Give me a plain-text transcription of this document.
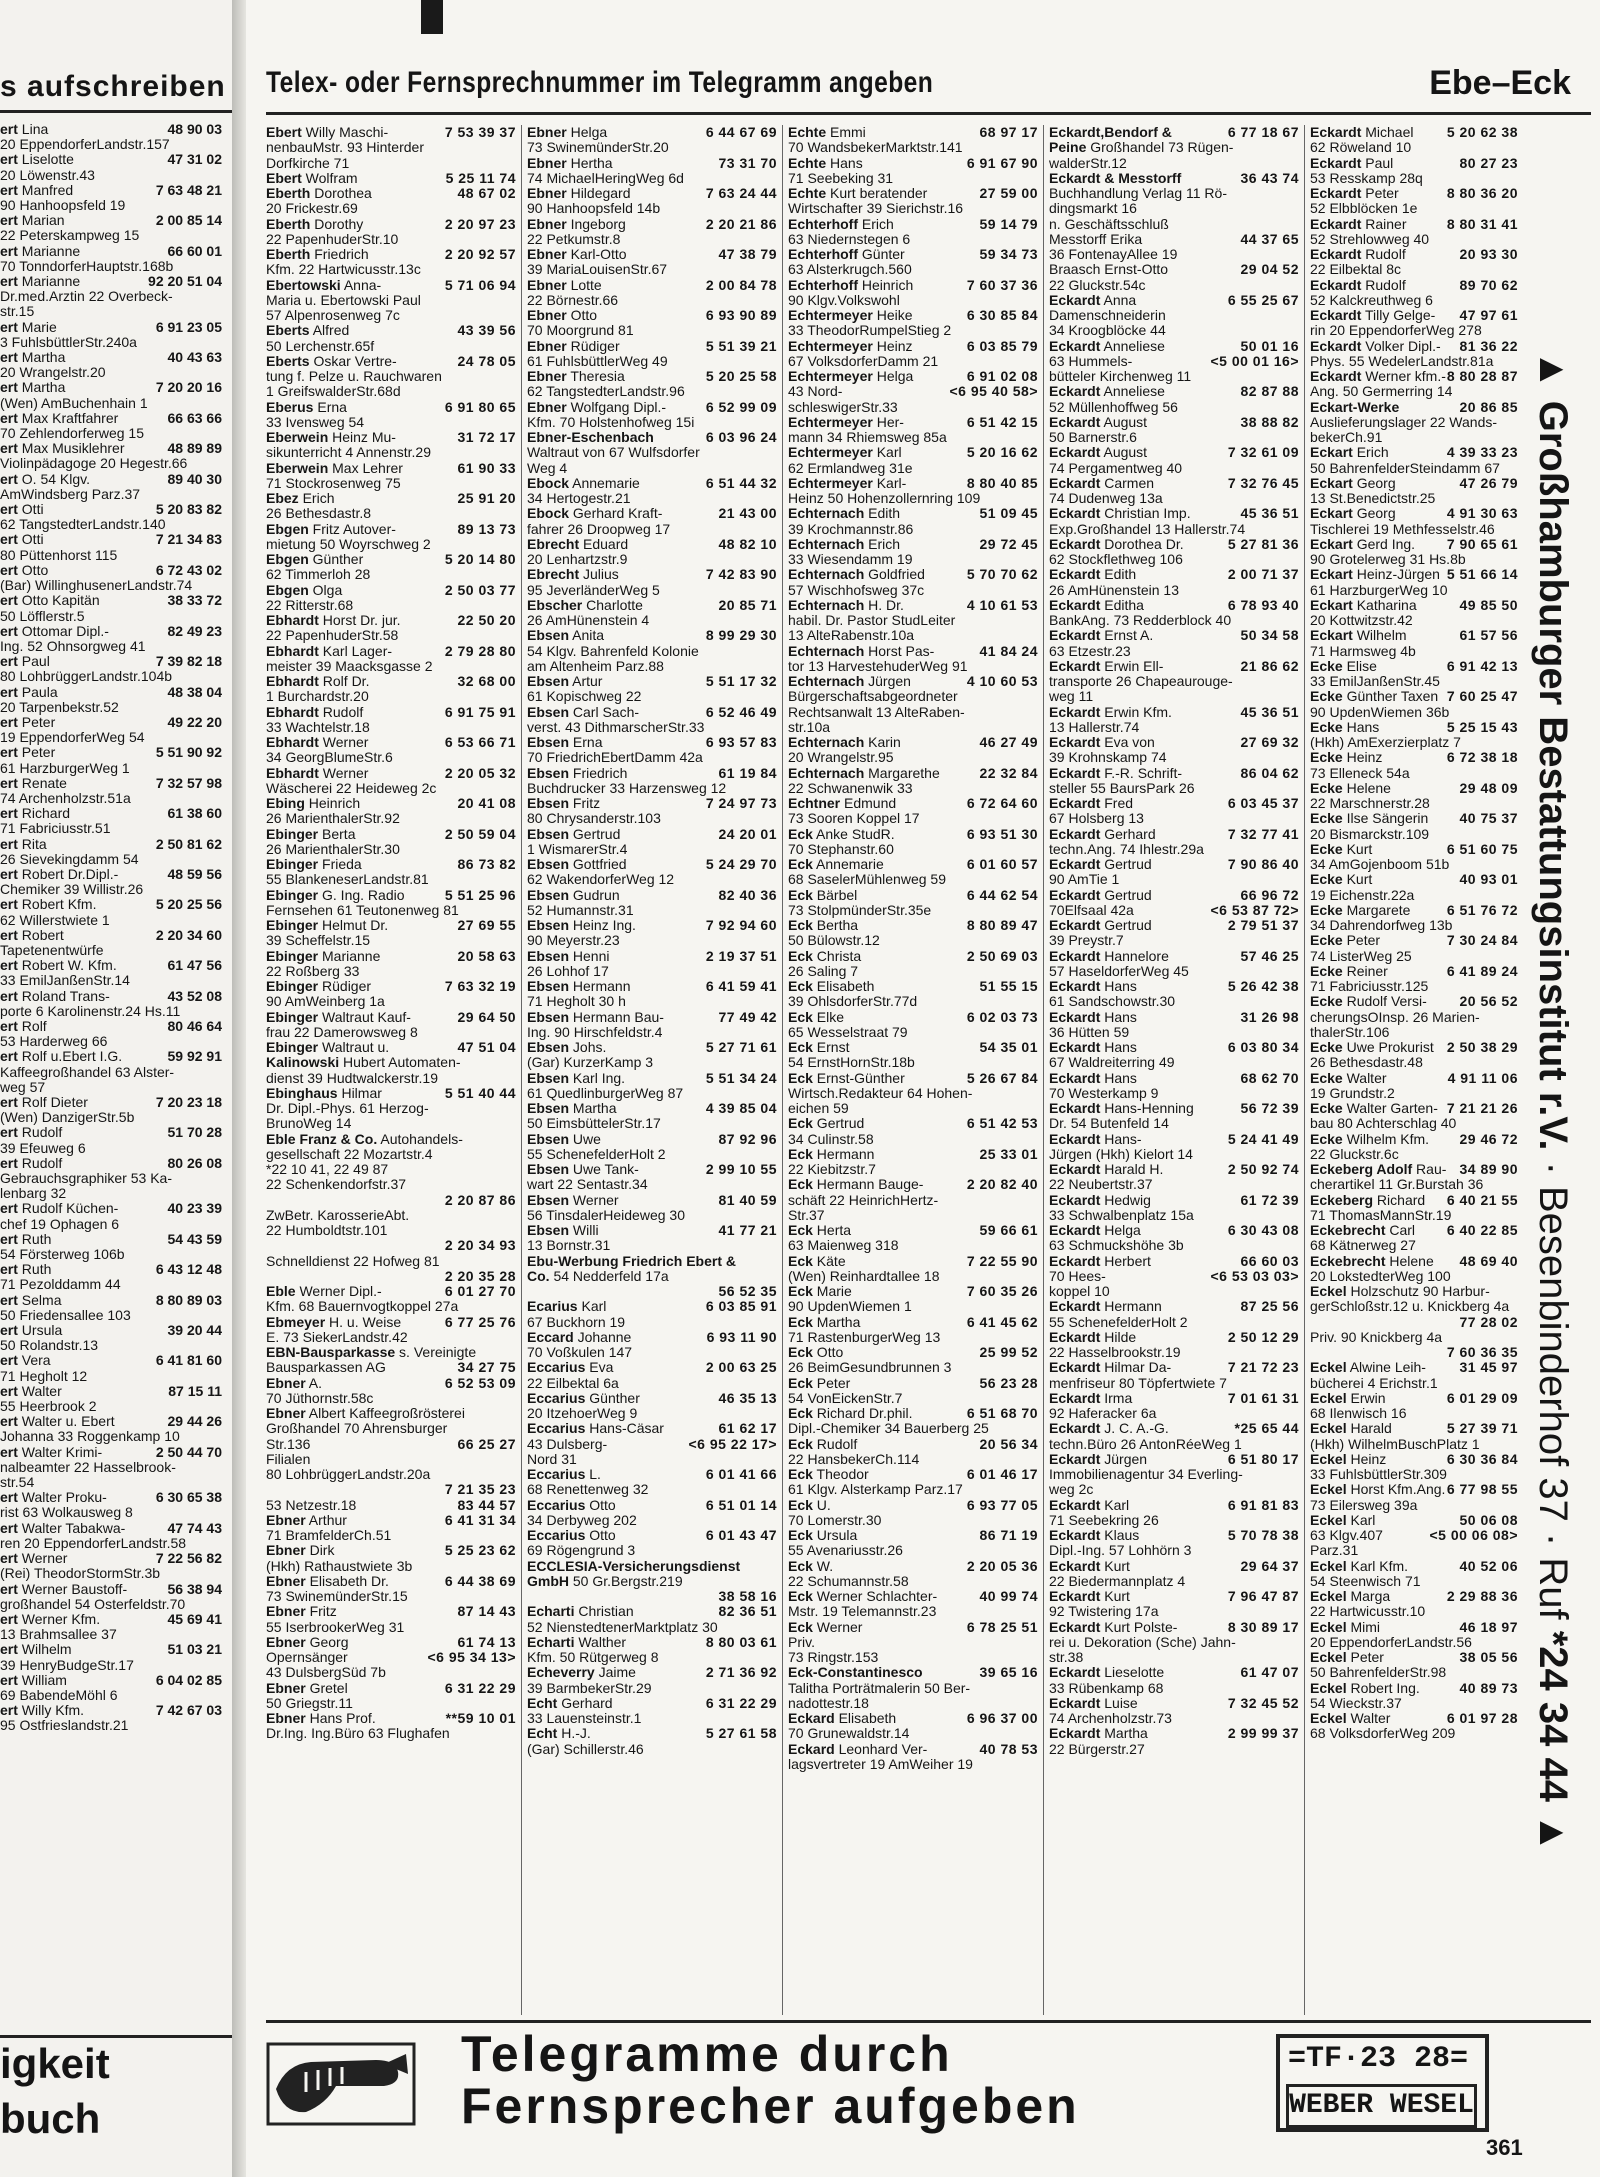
s aufschreiben
48 90 03
ert Lina
20 EppendorferLandstr.157
47 31 02
ert Liselotte
20 Löwenstr.43
7 63 48 21
ert Manfred
90 Hanhoopsfeld 19
2 00 85 14
ert Marian
22 Peterskampweg 15
66 60 01
ert Marianne
70 TonndorferHauptstr.168b
92 20 51 04
ert Marianne
Dr.med.Arztin 22 Overbeck-
str.15
6 91 23 05
ert Marie
3 FuhlsbüttlerStr.240a
40 43 63
ert Martha
20 Wrangelstr.20
7 20 20 16
ert Martha
(Wen) AmBuchenhain 1
66 63 66
ert Max Kraftfahrer
70 Zehlendorferweg 15
48 89 89
ert Max Musiklehrer
Violinpädagoge 20 Hegestr.66
89 40 30
ert O. 54 Klgv.
AmWindsberg Parz.37
5 20 83 82
ert Otti
62 TangstedterLandstr.140
7 21 34 83
ert Otti
80 Püttenhorst 115
6 72 43 02
ert Otto
(Bar) WillinghusenerLandstr.74
38 33 72
ert Otto Kapitän
50 Löfflerstr.5
82 49 23
ert Ottomar Dipl.-
Ing. 52 Ohnsorgweg 41
7 39 82 18
ert Paul
80 LohbrüggerLandstr.104b
48 38 04
ert Paula
20 Tarpenbekstr.52
49 22 20
ert Peter
19 EppendorferWeg 54
5 51 90 92
ert Peter
61 HarzburgerWeg 1
7 32 57 98
ert Renate
74 Archenholzstr.51a
61 38 60
ert Richard
71 Fabriciusstr.51
2 50 81 62
ert Rita
26 Sievekingdamm 54
48 59 56
ert Robert Dr.Dipl.-
Chemiker 39 Willistr.26
5 20 25 56
ert Robert Kfm.
62 Willerstwiete 1
2 20 34 60
ert Robert
Tapetenentwürfe
61 47 56
ert Robert W. Kfm.
33 EmilJanßenStr.14
43 52 08
ert Roland Trans-
porte 6 Karolinenstr.24 Hs.11
80 46 64
ert Rolf
53 Harderweg 66
59 92 91
ert Rolf u.Ebert I.G.
Kaffeegroßhandel 63 Alster-
weg 57
7 20 23 18
ert Rolf Dieter
(Wen) DanzigerStr.5b
51 70 28
ert Rudolf
39 Efeuweg 6
80 26 08
ert Rudolf
Gebrauchsgraphiker 53 Ka-
lenbarg 32
40 23 39
ert Rudolf Küchen-
chef 19 Ophagen 6
54 43 59
ert Ruth
54 Försterweg 106b
6 43 12 48
ert Ruth
71 Pezolddamm 44
8 80 89 03
ert Selma
50 Friedensallee 103
39 20 44
ert Ursula
50 Rolandstr.13
6 41 81 60
ert Vera
71 Hegholt 12
87 15 11
ert Walter
55 Heerbrook 2
29 44 26
ert Walter u. Ebert
Johanna 33 Roggenkamp 10
2 50 44 70
ert Walter Krimi-
nalbeamter 22 Hasselbrook-
str.54
6 30 65 38
ert Walter Proku-
rist 63 Wolkausweg 8
47 74 43
ert Walter Tabakwa-
ren 20 EppendorferLandstr.58
7 22 56 82
ert Werner
(Rei) TheodorStormStr.3b
56 38 94
ert Werner Baustoff-
großhandel 54 Osterfeldstr.70
45 69 41
ert Werner Kfm.
13 Brahmsallee 37
51 03 21
ert Wilhelm
39 HenryBudgeStr.17
6 04 02 85
ert William
69 BabendeMöhl 6
7 42 67 03
ert Willy Kfm.
95 Ostfrieslandstr.21
igkeit
buch
Telex- oder Fernsprechnummer im Telegramm angeben	Ebe–Eck
7 53 39 37
Ebert Willy Maschi-
nenbauMstr. 93 Hinterder
Dorfkirche 71
5 25 11 74
Ebert Wolfram
48 67 02
Eberth Dorothea
20 Frickestr.69
2 20 97 23
Eberth Dorothy
22 PapenhuderStr.10
2 20 92 57
Eberth Friedrich
Kfm. 22 Hartwicusstr.13c
5 71 06 94
Ebertowski Anna-
Maria u. Ebertowski Paul
57 Alpenrosenweg 7c
43 39 56
Eberts Alfred
50 Lerchenstr.65f
24 78 05
Eberts Oskar Vertre-
tung f. Pelze u. Rauchwaren
1 GreifswalderStr.68d
6 91 80 65
Eberus Erna
33 Ivensweg 54
31 72 17
Eberwein Heinz Mu-
sikunterricht 4 Annenstr.29
61 90 33
Eberwein Max Lehrer
71 Stockrosenweg 75
25 91 20
Ebez Erich
26 Bethesdastr.8
89 13 73
Ebgen Fritz Autover-
mietung 50 Woyrschweg 2
5 20 14 80
Ebgen Günther
62 Timmerloh 28
2 50 03 77
Ebgen Olga
22 Ritterstr.68
22 50 20
Ebhardt Horst Dr. jur.
22 PapenhuderStr.58
2 79 28 80
Ebhardt Karl Lager-
meister 39 Maacksgasse 2
32 68 00
Ebhardt Rolf Dr.
1 Burchardstr.20
6 91 75 91
Ebhardt Rudolf
33 Wachtelstr.18
6 53 66 71
Ebhardt Werner
34 GeorgBlumeStr.6
2 20 05 32
Ebhardt Werner
Wäscherei 22 Heideweg 2c
20 41 08
Ebing Heinrich
26 MarienthalerStr.92
2 50 59 04
Ebinger Berta
26 MarienthalerStr.30
86 73 82
Ebinger Frieda
55 BlankeneserLandstr.81
5 51 25 96
Ebinger G. Ing. Radio
Fernsehen 61 Teutonenweg 81
27 69 55
Ebinger Helmut Dr.
39 Scheffelstr.15
20 58 63
Ebinger Marianne
22 Roßberg 33
7 63 32 19
Ebinger Rüdiger
90 AmWeinberg 1a
29 64 50
Ebinger Waltraut Kauf-
frau 22 Damerowsweg 8
47 51 04
Ebinger Waltraut u.
Kalinowski Hubert Automaten-
dienst 39 Hudtwalckerstr.19
5 51 40 44
Ebinghaus Hilmar
Dr. Dipl.-Phys. 61 Herzog-
BrunoWeg 14
Eble Franz & Co. Autohandels-
gesellschaft 22 Mozartstr.4
*22 10 41, 22 49 87
22 Schenkendorfstr.37
2 20 87 86
ZwBetr. KarosserieAbt.
22 Humboldtstr.101
2 20 34 93
Schnelldienst 22 Hofweg 81
2 20 35 28
6 01 27 70
Eble Werner Dipl.-
Kfm. 68 Bauernvogtkoppel 27a
6 77 25 76
Ebmeyer H. u. Weise
E. 73 SiekerLandstr.42
EBN-Bausparkasse s. Vereinigte
34 27 75
Bausparkassen AG
6 52 53 09
Ebner A.
70 Jüthornstr.58c
Ebner Albert Kaffeegroßrösterei
Großhandel 70 Ahrensburger
66 25 27
Str.136
Filialen
80 LohbrüggerLandstr.20a
7 21 35 23
83 44 57
53 Netzestr.18
6 41 31 34
Ebner Arthur
71 BramfelderCh.51
5 25 23 62
Ebner Dirk
(Hkh) Rathaustwiete 3b
6 44 38 69
Ebner Elisabeth Dr.
73 SwinemünderStr.15
87 14 43
Ebner Fritz
55 IserbrookerWeg 31
61 74 13
Ebner Georg
<6 95 34 13>
Opernsänger
43 DulsbergSüd 7b
6 31 22 29
Ebner Gretel
50 Griegstr.11
**59 10 01
Ebner Hans Prof.
Dr.Ing. Ing.Büro 63 Flughafen
6 44 67 69
Ebner Helga
73 SwinemünderStr.20
73 31 70
Ebner Hertha
74 MichaelHeringWeg 6d
7 63 24 44
Ebner Hildegard
90 Hanhoopsfeld 14b
2 20 21 86
Ebner Ingeborg
22 Petkumstr.8
47 38 79
Ebner Karl-Otto
39 MariaLouisenStr.67
2 00 84 78
Ebner Lotte
22 Börnestr.66
6 93 90 89
Ebner Otto
70 Moorgrund 81
5 51 39 21
Ebner Rüdiger
61 FuhlsbüttlerWeg 49
5 20 25 58
Ebner Theresia
62 TangstedterLandstr.96
6 52 99 09
Ebner Wolfgang Dipl.-
Kfm. 70 Holstenhofweg 15i
6 03 96 24
Ebner-Eschenbach
Waltraut von 67 Wulfsdorfer
Weg 4
6 51 44 32
Ebock Annemarie
34 Hertogestr.21
21 43 00
Ebock Gerhard Kraft-
fahrer 26 Droopweg 17
48 82 10
Ebrecht Eduard
20 Lenhartzstr.9
7 42 83 90
Ebrecht Julius
95 JeverländerWeg 5
20 85 71
Ebscher Charlotte
26 AmHünenstein 4
8 99 29 30
Ebsen Anita
54 Klgv. Bahrenfeld Kolonie
am Altenheim Parz.88
5 51 17 32
Ebsen Artur
61 Kopischweg 22
6 52 46 49
Ebsen Carl Sach-
verst. 43 DithmarscherStr.33
6 93 57 83
Ebsen Erna
70 FriedrichEbertDamm 42a
61 19 84
Ebsen Friedrich
Buchdrucker 33 Harzensweg 12
7 24 97 73
Ebsen Fritz
80 Chrysanderstr.103
24 20 01
Ebsen Gertrud
1 WismarerStr.4
5 24 29 70
Ebsen Gottfried
62 WakendorferWeg 12
82 40 36
Ebsen Gudrun
52 Humannstr.31
7 92 94 60
Ebsen Heinz Ing.
90 Meyerstr.23
2 19 37 51
Ebsen Henni
26 Lohhof 17
6 41 59 41
Ebsen Hermann
71 Hegholt 30 h
77 49 42
Ebsen Hermann Bau-
Ing. 90 Hirschfeldstr.4
5 27 71 61
Ebsen Johs.
(Gar) KurzerKamp 3
5 51 34 24
Ebsen Karl Ing.
61 QuedlinburgerWeg 87
4 39 85 04
Ebsen Martha
50 EimsbüttelerStr.17
87 92 96
Ebsen Uwe
55 SchenefelderHolt 2
2 99 10 55
Ebsen Uwe Tank-
wart 22 Sentastr.34
81 40 59
Ebsen Werner
56 TinsdalerHeideweg 30
41 77 21
Ebsen Willi
13 Bornstr.31
Ebu-Werbung Friedrich Ebert &
Co. 54 Nedderfeld 17a
56 52 35
6 03 85 91
Ecarius Karl
67 Buckhorn 19
6 93 11 90
Eccard Johanne
70 Voßkulen 147
2 00 63 25
Eccarius Eva
22 Eilbektal 6a
46 35 13
Eccarius Günther
20 ItzehoerWeg 9
61 62 17
Eccarius Hans-Cäsar
<6 95 22 17>
43 Dulsberg-
Nord 31
6 01 41 66
Eccarius L.
68 Renettenweg 32
6 51 01 14
Eccarius Otto
34 Derbyweg 202
6 01 43 47
Eccarius Otto
69 Rögengrund 3
ECCLESIA-Versicherungsdienst
GmbH 50 Gr.Bergstr.219
38 58 16
82 36 51
Echarti Christian
52 NienstedtenerMarktplatz 30
8 80 03 61
Echarti Walther
Kfm. 50 Rütgerweg 8
2 71 36 92
Echeverry Jaime
39 BarmbekerStr.29
6 31 22 29
Echt Gerhard
33 Lauensteinstr.1
5 27 61 58
Echt H.-J.
(Gar) Schillerstr.46
68 97 17
Echte Emmi
70 WandsbekerMarktstr.141
6 91 67 90
Echte Hans
71 Seebeking 31
27 59 00
Echte Kurt beratender
Wirtschafter 39 Sierichstr.16
59 14 79
Echterhoff Erich
63 Niedernstegen 6
59 34 73
Echterhoff Günter
63 Alsterkrugch.560
7 60 37 36
Echterhoff Heinrich
90 Klgv.Volkswohl
6 30 85 84
Echtermeyer Heike
33 TheodorRumpelStieg 2
6 03 85 79
Echtermeyer Heinz
67 VolksdorferDamm 21
6 91 02 08
Echtermeyer Helga
<6 95 40 58>
43 Nord-
schleswigerStr.33
6 51 42 15
Echtermeyer Her-
mann 34 Rhiemsweg 85a
5 20 16 62
Echtermeyer Karl
62 Ermlandweg 31e
8 80 40 85
Echtermeyer Karl-
Heinz 50 Hohenzollernring 109
51 09 45
Echternach Edith
39 Krochmannstr.86
29 72 45
Echternach Erich
33 Wiesendamm 19
5 70 70 62
Echternach Goldfried
57 Wischhofsweg 37c
4 10 61 53
Echternach H. Dr.
habil. Dr. Pastor StudLeiter
13 AlteRabenstr.10a
41 84 24
Echternach Horst Pas-
tor 13 HarvestehuderWeg 91
4 10 60 53
Echternach Jürgen
Bürgerschaftsabgeordneter
Rechtsanwalt 13 AlteRaben-
str.10a
46 27 49
Echternach Karin
20 Wrangelstr.95
22 32 84
Echternach Margarethe
22 Schwanenwik 33
6 72 64 60
Echtner Edmund
73 Sooren Koppel 17
6 93 51 30
Eck Anke StudR.
70 Stephanstr.60
6 01 60 57
Eck Annemarie
68 SaselerMühlenweg 59
6 44 62 54
Eck Bärbel
73 StolpmünderStr.35e
8 80 89 47
Eck Bertha
50 Bülowstr.12
2 50 69 03
Eck Christa
26 Saling 7
51 55 15
Eck Elisabeth
39 OhlsdorferStr.77d
6 02 03 73
Eck Elke
65 Wesselstraat 79
54 35 01
Eck Ernst
54 ErnstHornStr.18b
5 26 67 84
Eck Ernst-Günther
Wirtsch.Redakteur 64 Hohen-
eichen 59
6 51 42 53
Eck Gertrud
34 Culinstr.58
25 33 01
Eck Hermann
22 Kiebitzstr.7
2 20 82 40
Eck Hermann Bauge-
schäft 22 HeinrichHertz-
Str.37
59 66 61
Eck Herta
63 Maienweg 318
7 22 55 90
Eck Käte
(Wen) Reinhardtallee 18
7 60 35 26
Eck Marie
90 UpdenWiemen 1
6 41 45 62
Eck Martha
71 RastenburgerWeg 13
25 99 52
Eck Otto
26 BeimGesundbrunnen 3
56 23 28
Eck Peter
54 VonEickenStr.7
6 51 68 70
Eck Richard Dr.phil.
Dipl.-Chemiker 34 Bauerberg 25
20 56 34
Eck Rudolf
22 HansbekerCh.114
6 01 46 17
Eck Theodor
61 Klgv. Alsterkamp Parz.17
6 93 77 05
Eck U.
70 Lomerstr.30
86 71 19
Eck Ursula
55 Avenariusstr.26
2 20 05 36
Eck W.
22 Schumannstr.58
40 99 74
Eck Werner Schlachter-
Mstr. 19 Telemannstr.23
6 78 25 51
Eck Werner
Priv.
73 Ringstr.153
39 65 16
Eck-Constantinesco
Talitha Porträtmalerin 50 Ber-
nadottestr.18
6 96 37 00
Eckard Elisabeth
70 Grunewaldstr.14
40 78 53
Eckard Leonhard Ver-
lagsvertreter 19 AmWeiher 19
6 77 18 67
Eckardt,Bendorf &
Peine Großhandel 73 Rügen-
walderStr.12
36 43 74
Eckardt & Messtorff
Buchhandlung Verlag 11 Rö-
dingsmarkt 16
n. Geschäftsschluß
44 37 65
Messtorff Erika
36 FontenayAllee 19
29 04 52
Braasch Ernst-Otto
22 Gluckstr.54c
6 55 25 67
Eckardt Anna
Damenschneiderin
34 Kroogblöcke 44
50 01 16
Eckardt Anneliese
<5 00 01 16>
63 Hummels-
bütteler Kirchenweg 11
82 87 88
Eckardt Anneliese
52 Müllenhoffweg 56
38 88 82
Eckardt August
50 Barnerstr.6
7 32 61 09
Eckardt August
74 Pergamentweg 40
7 32 76 45
Eckardt Carmen
74 Dudenweg 13a
45 36 51
Eckardt Christian Imp.
Exp.Großhandel 13 Hallerstr.74
5 27 81 36
Eckardt Dorothea Dr.
62 Stockflethweg 106
2 00 71 37
Eckardt Edith
26 AmHünenstein 13
6 78 93 40
Eckardt Editha
BankAng. 73 Redderblock 40
50 34 58
Eckardt Ernst A.
63 Etzestr.23
21 86 62
Eckardt Erwin Ell-
transporte 26 Chapeaurouge-
weg 11
45 36 51
Eckardt Erwin Kfm.
13 Hallerstr.74
27 69 32
Eckardt Eva von
39 Krohnskamp 74
86 04 62
Eckardt F.-R. Schrift-
steller 55 BaursPark 26
6 03 45 37
Eckardt Fred
67 Holsberg 13
7 32 77 41
Eckardt Gerhard
techn.Ang. 74 Ihlestr.29a
7 90 86 40
Eckardt Gertrud
90 AmTie 1
66 96 72
Eckardt Gertrud
<6 53 87 72>
70Elfsaal 42a
2 79 51 37
Eckardt Gertrud
39 Preystr.7
57 46 25
Eckardt Hannelore
57 HaseldorferWeg 45
5 26 42 38
Eckardt Hans
61 Sandschowstr.30
31 26 98
Eckardt Hans
36 Hütten 59
6 03 80 34
Eckardt Hans
67 Waldreiterring 49
68 62 70
Eckardt Hans
70 Westerkamp 9
56 72 39
Eckardt Hans-Henning
Dr. 54 Butenfeld 14
5 24 41 49
Eckardt Hans-
Jürgen (Hkh) Kielort 14
2 50 92 74
Eckardt Harald H.
22 Neubertstr.37
61 72 39
Eckardt Hedwig
33 Schwalbenplatz 15a
6 30 43 08
Eckardt Helga
63 Schmuckshöhe 3b
66 60 03
Eckardt Herbert
<6 53 03 03>
70 Hees-
koppel 10
87 25 56
Eckardt Hermann
55 SchenefelderHolt 2
2 50 12 29
Eckardt Hilde
22 Hasselbrookstr.19
7 21 72 23
Eckardt Hilmar Da-
menfriseur 80 Töpfertwiete 7
7 01 61 31
Eckardt Irma
92 Haferacker 6a
*25 65 44
Eckardt J. C. A.-G.
techn.Büro 26 AntonRéeWeg 1
6 51 80 17
Eckardt Jürgen
Immobilienagentur 34 Everling-
weg 2c
6 91 81 83
Eckardt Karl
71 Seebekring 26
5 70 78 38
Eckardt Klaus
Dipl.-Ing. 57 Lohhörn 3
29 64 37
Eckardt Kurt
22 Biedermannplatz 4
7 96 47 87
Eckardt Kurt
92 Twistering 17a
8 30 89 17
Eckardt Kurt Polste-
rei u. Dekoration (Sche) Jahn-
str.38
61 47 07
Eckardt Lieselotte
33 Rübenkamp 68
7 32 45 52
Eckardt Luise
74 Archenholzstr.73
2 99 99 37
Eckardt Martha
22 Bürgerstr.27
5 20 62 38
Eckardt Michael
62 Röweland 10
80 27 23
Eckardt Paul
53 Resskamp 28q
8 80 36 20
Eckardt Peter
52 Elbblöcken 1e
8 80 31 41
Eckardt Rainer
52 Strehlowweg 40
20 93 30
Eckardt Rudolf
22 Eilbektal 8c
89 70 62
Eckardt Rudolf
52 Kalckreuthweg 6
47 97 61
Eckardt Tilly Gelge-
rin 20 EppendorferWeg 278
81 36 22
Eckardt Volker Dipl.-
Phys. 55 WedelerLandstr.81a
8 80 28 87
Eckardt Werner kfm.-
Ang. 50 Germerring 14
20 86 85
Eckart-Werke
Auslieferungslager 22 Wands-
bekerCh.91
4 39 33 23
Eckart Erich
50 BahrenfelderSteindamm 67
47 26 79
Eckart Georg
13 St.Benedictstr.25
4 91 30 63
Eckart Georg
Tischlerei 19 Methfesselstr.46
7 90 65 61
Eckart Gerd Ing.
90 Grotelerweg 31 Hs.8b
5 51 66 14
Eckart Heinz-Jürgen
61 HarzburgerWeg 10
49 85 50
Eckart Katharina
20 Kottwitzstr.42
61 57 56
Eckart Wilhelm
71 Harmsweg 4b
6 91 42 13
Ecke Elise
33 EmilJanßenStr.45
7 60 25 47
Ecke Günther Taxen
90 UpdenWiemen 36b
5 25 15 43
Ecke Hans
(Hkh) AmExerzierplatz 7
6 72 38 18
Ecke Heinz
73 Elleneck 54a
29 48 09
Ecke Helene
22 Marschnerstr.28
40 75 37
Ecke Ilse Sängerin
20 Bismarckstr.109
6 51 60 75
Ecke Kurt
34 AmGojenboom 51b
40 93 01
Ecke Kurt
19 Eichenstr.22a
6 51 76 72
Ecke Margarete
34 Dahrendorfweg 13b
7 30 24 84
Ecke Peter
74 ListerWeg 25
6 41 89 24
Ecke Reiner
71 Fabriciusstr.125
20 56 52
Ecke Rudolf Versi-
cherungsOInsp. 26 Marien-
thalerStr.106
2 50 38 29
Ecke Uwe Prokurist
26 Bethesdastr.48
4 91 11 06
Ecke Walter
19 Grundstr.2
7 21 21 26
Ecke Walter Garten-
bau 80 Achterschlag 40
29 46 72
Ecke Wilhelm Kfm.
22 Gluckstr.6c
34 89 90
Eckeberg Adolf Rau-
cherartikel 11 Gr.Burstah 36
6 40 21 55
Eckeberg Richard
71 ThomasMannStr.19
6 40 22 85
Eckebrecht Carl
68 Kätnerweg 27
48 69 40
Eckebrecht Helene
20 LokstedterWeg 100
Eckel Holzschutz 90 Harbur-
gerSchloßstr.12 u. Knickberg 4a
77 28 02
Priv. 90 Knickberg 4a
7 60 36 35
31 45 97
Eckel Alwine Leih-
bücherei 4 Erichstr.1
6 01 29 09
Eckel Erwin
68 Ilenwisch 16
5 27 39 71
Eckel Harald
(Hkh) WilhelmBuschPlatz 1
6 30 36 84
Eckel Heinz
33 FuhlsbüttlerStr.309
6 77 98 55
Eckel Horst Kfm.Ang.
73 Eilersweg 39a
50 06 08
Eckel Karl
<5 00 06 08>
63 Klgv.407
Parz.31
40 52 06
Eckel Karl Kfm.
54 Steenwisch 71
2 29 88 36
Eckel Marga
22 Hartwicusstr.10
46 18 97
Eckel Mimi
20 EppendorferLandstr.56
38 05 56
Eckel Peter
50 BahrenfelderStr.98
40 89 73
Eckel Robert Ing.
54 Wieckstr.37
6 01 97 28
Eckel Walter
68 VolksdorferWeg 209
▲ Großhamburger Bestattungsinstitut r.V. · Besenbinderhof 37 · Ruf *24 34 44 ▲
Telegramme durch
Fernsprecher aufgeben
=TF·23 28=
WEBER WESEL
361
